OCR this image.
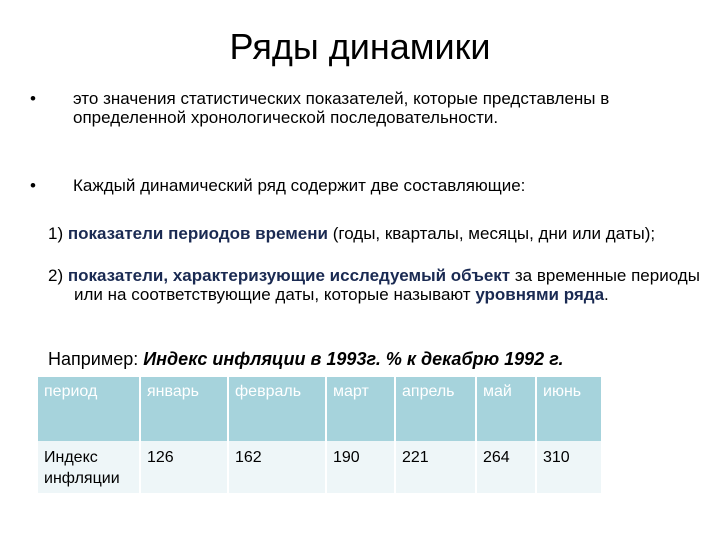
Ряды динамики
• это значения статистических показателей, которые представлены в определенной хронологической последовательности.
• Каждый динамический ряд содержит две составляющие:
1) показатели периодов времени (годы, кварталы, месяцы, дни или даты);
2) показатели, характеризующие исследуемый объект за временные периоды или на соответствующие даты, которые называют уровнями ряда.
Например: Индекс инфляции в 1993г. % к декабрю 1992 г.
период	январь	февраль	март	апрель	май	июнь
Индекс инфляции	126	162	190	221	264	310
